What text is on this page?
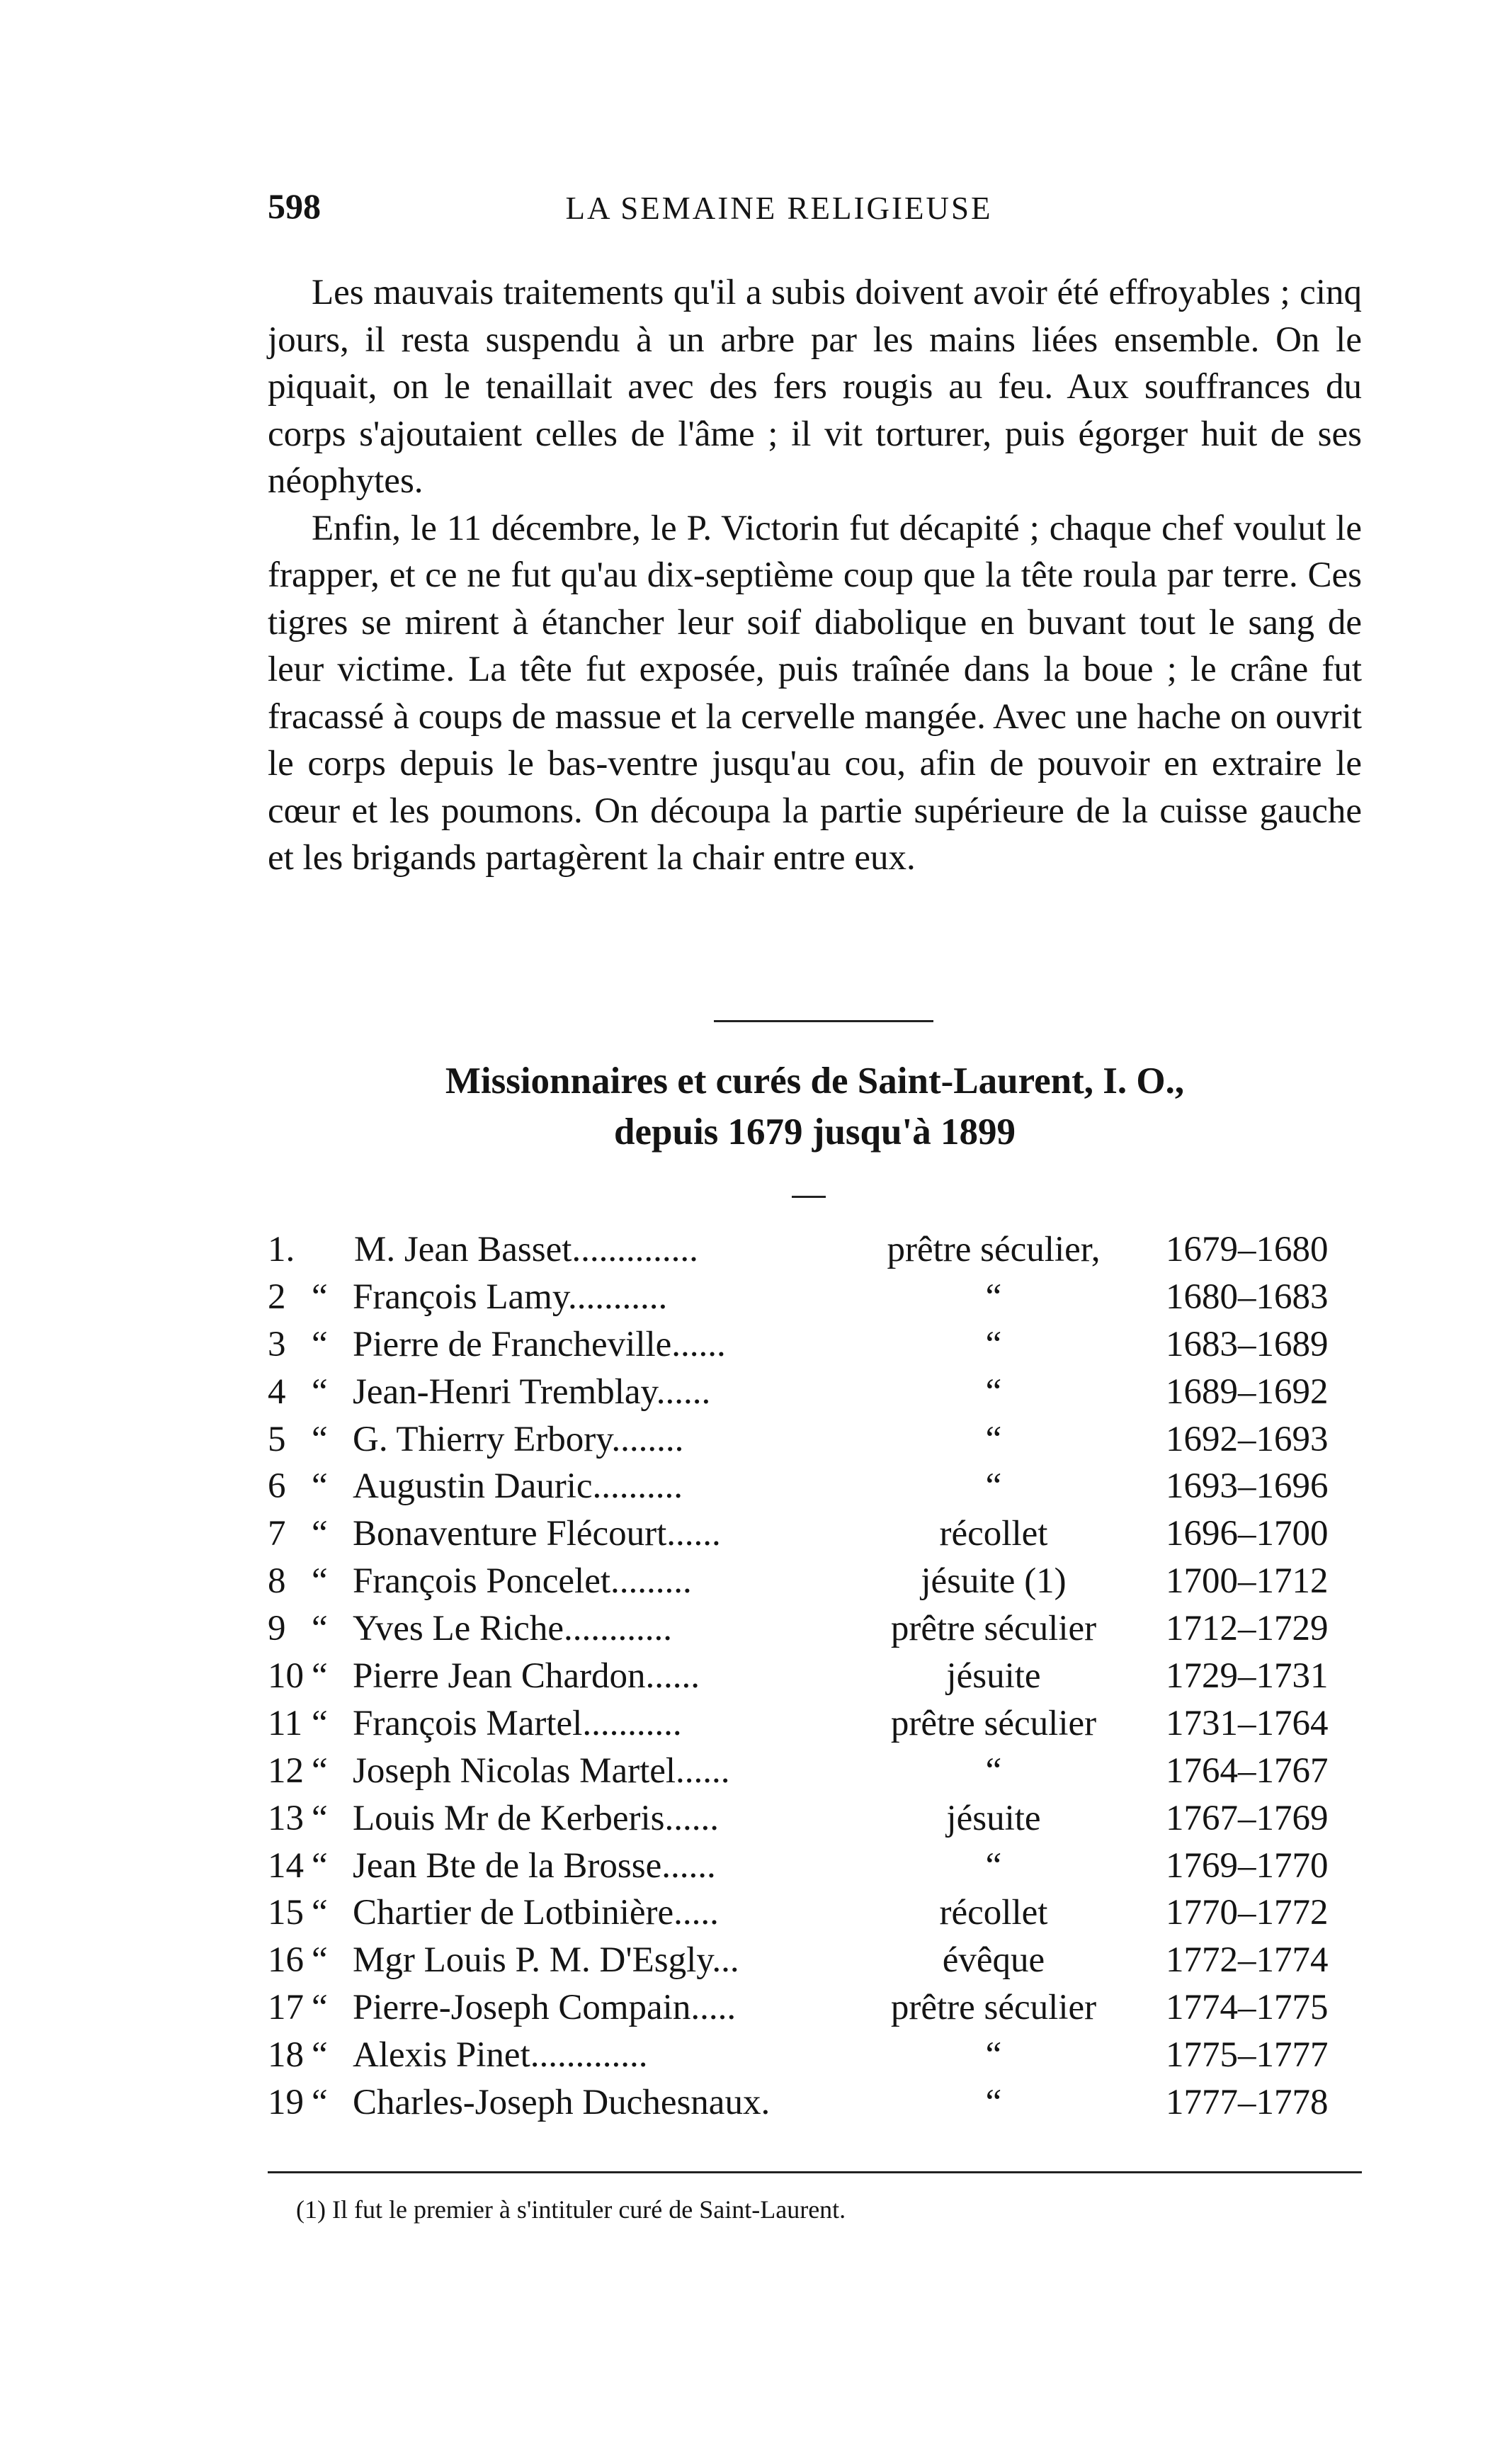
598	LA SEMAINE RELIGIEUSE

Les mauvais traitements qu'il a subis doivent avoir été effroyables ; cinq jours, il resta suspendu à un arbre par les mains liées ensemble. On le piquait, on le tenaillait avec des fers rougis au feu. Aux souffrances du corps s'ajoutaient celles de l'âme ; il vit torturer, puis égorger huit de ses néophytes.

Enfin, le 11 décembre, le P. Victorin fut décapité ; chaque chef voulut le frapper, et ce ne fut qu'au dix-septième coup que la tête roula par terre. Ces tigres se mirent à étancher leur soif diabolique en buvant tout le sang de leur victime. La tête fut exposée, puis traînée dans la boue ; le crâne fut fracassé à coups de massue et la cervelle mangée. Avec une hache on ouvrit le corps depuis le bas-ventre jusqu'au cou, afin de pouvoir en extraire le cœur et les poumons. On découpa la partie supérieure de la cuisse gauche et les brigands partagèrent la chair entre eux.

Missionnaires et curés de Saint-Laurent, I. O.,
depuis 1679 jusqu'à 1899
1.	M. Jean Basset..............	prêtre séculier,	1679–1680
2 “ François Lamy...........	“	1680–1683
3 “ Pierre de Francheville......	“	1683–1689
4 “ Jean-Henri Tremblay......	“	1689–1692
5 “ G. Thierry Erbory........	“	1692–1693
6 “ Augustin Dauric..........	“	1693–1696
7 “ Bonaventure Flécourt......	récollet	1696–1700
8 “ François Poncelet.........	jésuite (1)	1700–1712
9 “ Yves Le Riche............	prêtre séculier	1712–1729
10 “ Pierre Jean Chardon......	jésuite	1729–1731
11 “ François Martel...........	prêtre séculier	1731–1764
12 “ Joseph Nicolas Martel......	“	1764–1767
13 “ Louis Mr de Kerberis......	jésuite	1767–1769
14 “ Jean Bte de la Brosse......	“	1769–1770
15 “ Chartier de Lotbinière.....	récollet	1770–1772
16 “ Mgr Louis P. M. D'Esgly...	évêque	1772–1774
17 “ Pierre-Joseph Compain.....	prêtre séculier	1774–1775
18 “ Alexis Pinet.............	“	1775–1777
19 “ Charles-Joseph Duchesnaux.	“	1777–1778
(1) Il fut le premier à s'intituler curé de Saint-Laurent.
